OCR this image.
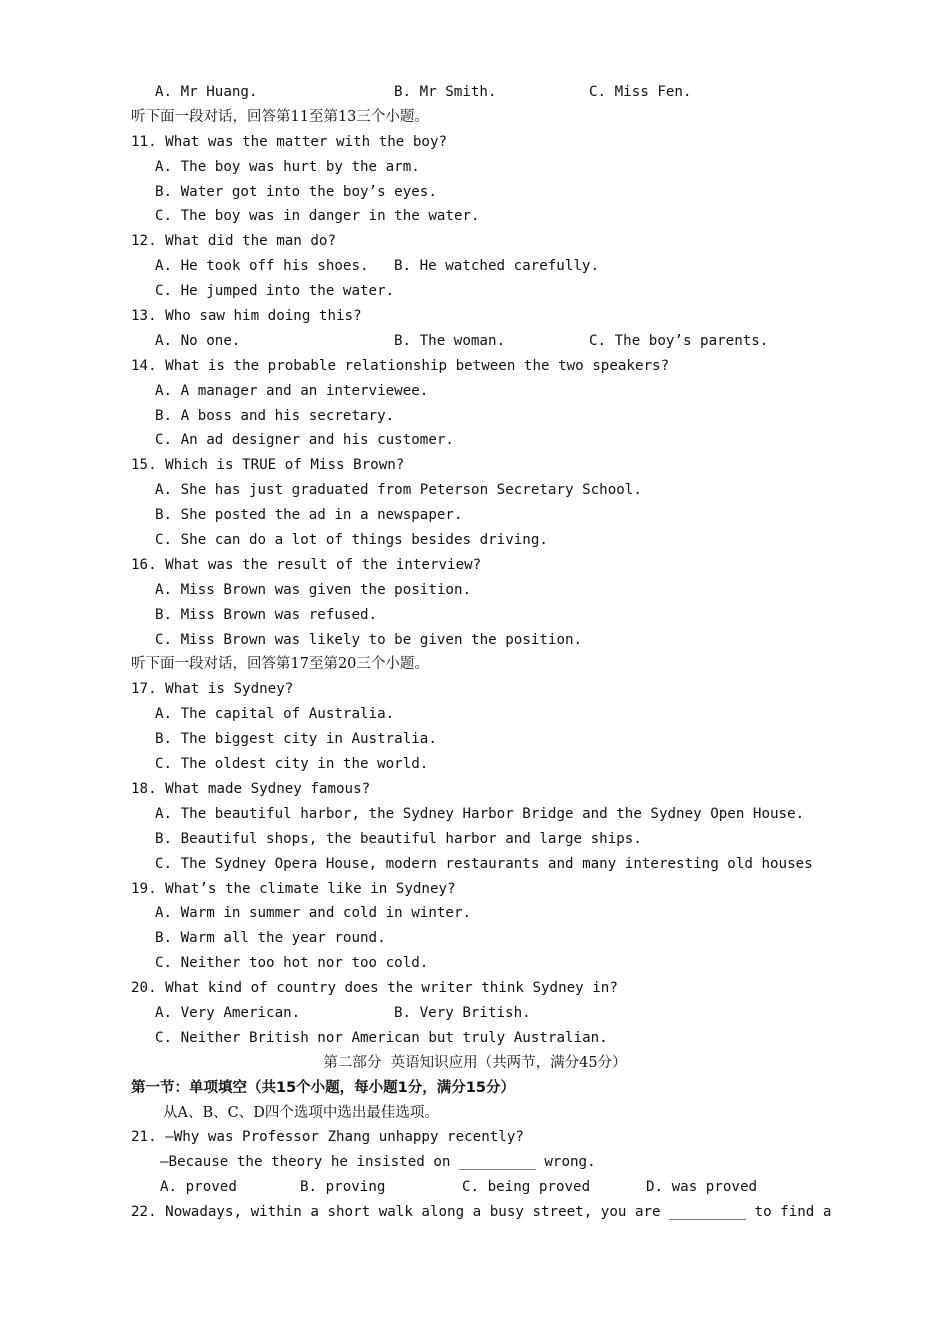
A. Mr Huang.	B. Mr Smith.	C. Miss Fen.
听下面一段对话，回答第11至第13三个小题。
11. What was the matter with the boy?
A. The boy was hurt by the arm.
B. Water got into the boy’s eyes.
C. The boy was in danger in the water.
12. What did the man do?
A. He took off his shoes. B. He watched carefully.
C. He jumped into the water.
13. Who saw him doing this?
A. No one.	B. The woman.	C. The boy’s parents.
14. What is the probable relationship between the two speakers?
A. A manager and an interviewee.
B. A boss and his secretary.
C. An ad designer and his customer.
15. Which is TRUE of Miss Brown?
A. She has just graduated from Peterson Secretary School.
B. She posted the ad in a newspaper.
C. She can do a lot of things besides driving.
16. What was the result of the interview?
A. Miss Brown was given the position.
B. Miss Brown was refused.
C. Miss Brown was likely to be given the position.
听下面一段对话，回答第17至第20三个小题。
17. What is Sydney?
A. The capital of Australia.
B. The biggest city in Australia.
C. The oldest city in the world.
18. What made Sydney famous?
A. The beautiful harbor, the Sydney Harbor Bridge and the Sydney Open House.
B. Beautiful shops, the beautiful harbor and large ships.
C. The Sydney Opera House, modern restaurants and many interesting old houses
19. What’s the climate like in Sydney?
A. Warm in summer and cold in winter.
B. Warm all the year round.
C. Neither too hot nor too cold.
20. What kind of country does the writer think Sydney in?
A. Very American.	B. Very British.
C. Neither British nor American but truly Australian.
第二部分  英语知识应用（共两节，满分45分）
第一节：单项填空（共15个小题，每小题1分，满分15分）
从A、B、C、D四个选项中选出最佳选项。
21. —Why was Professor Zhang unhappy recently?
—Because the theory he insisted on _________ wrong.
A. proved	B. proving	C. being proved	D. was proved
22. Nowadays, within a short walk along a busy street, you are _________ to find a
